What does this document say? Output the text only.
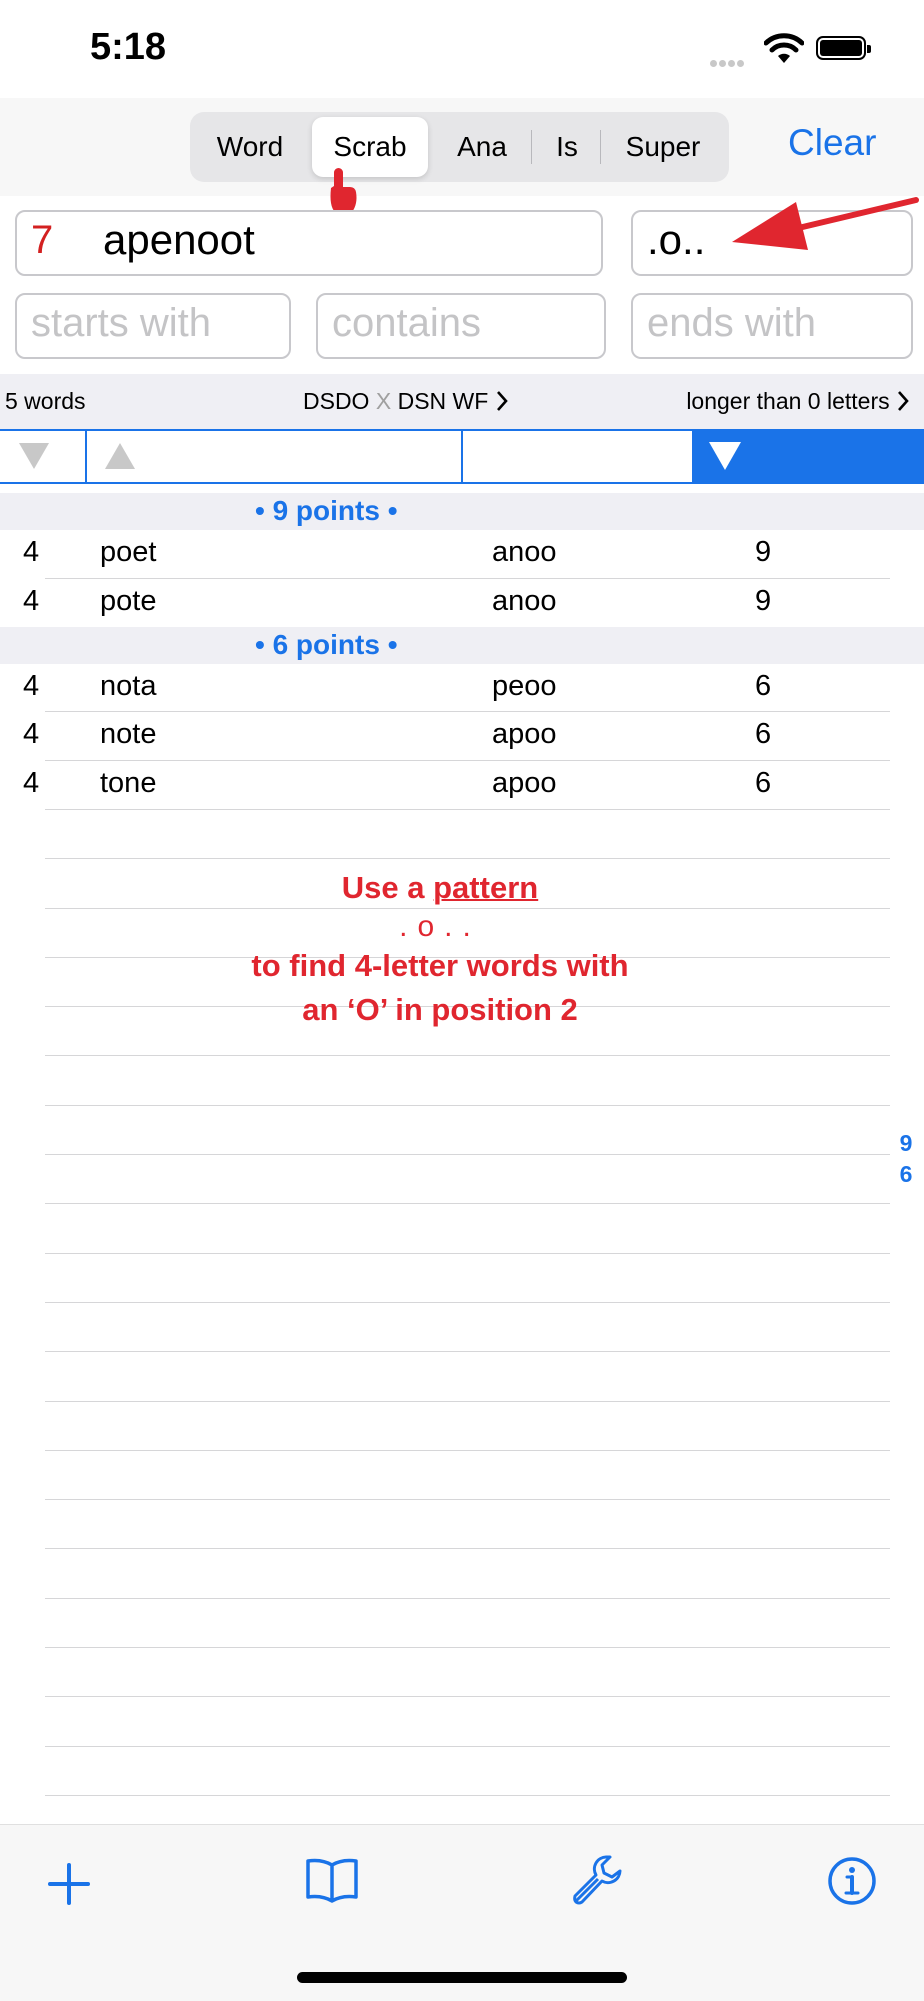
5:18
Word	Scrab	Ana	Is	Super	Clear
7 apenoot	.o..
starts with	contains	ends with
5 words	DSDO X DSN WF	longer than 0 letters
• 9 points •
4 poet	anoo	9
4 pote	anoo	9
• 6 points •
4 nota	peoo	6
4 note	apoo	6
4 tone	apoo	6
Use a pattern
.o..
to find 4-letter words with
an ‘O’ in position 2
9
6
